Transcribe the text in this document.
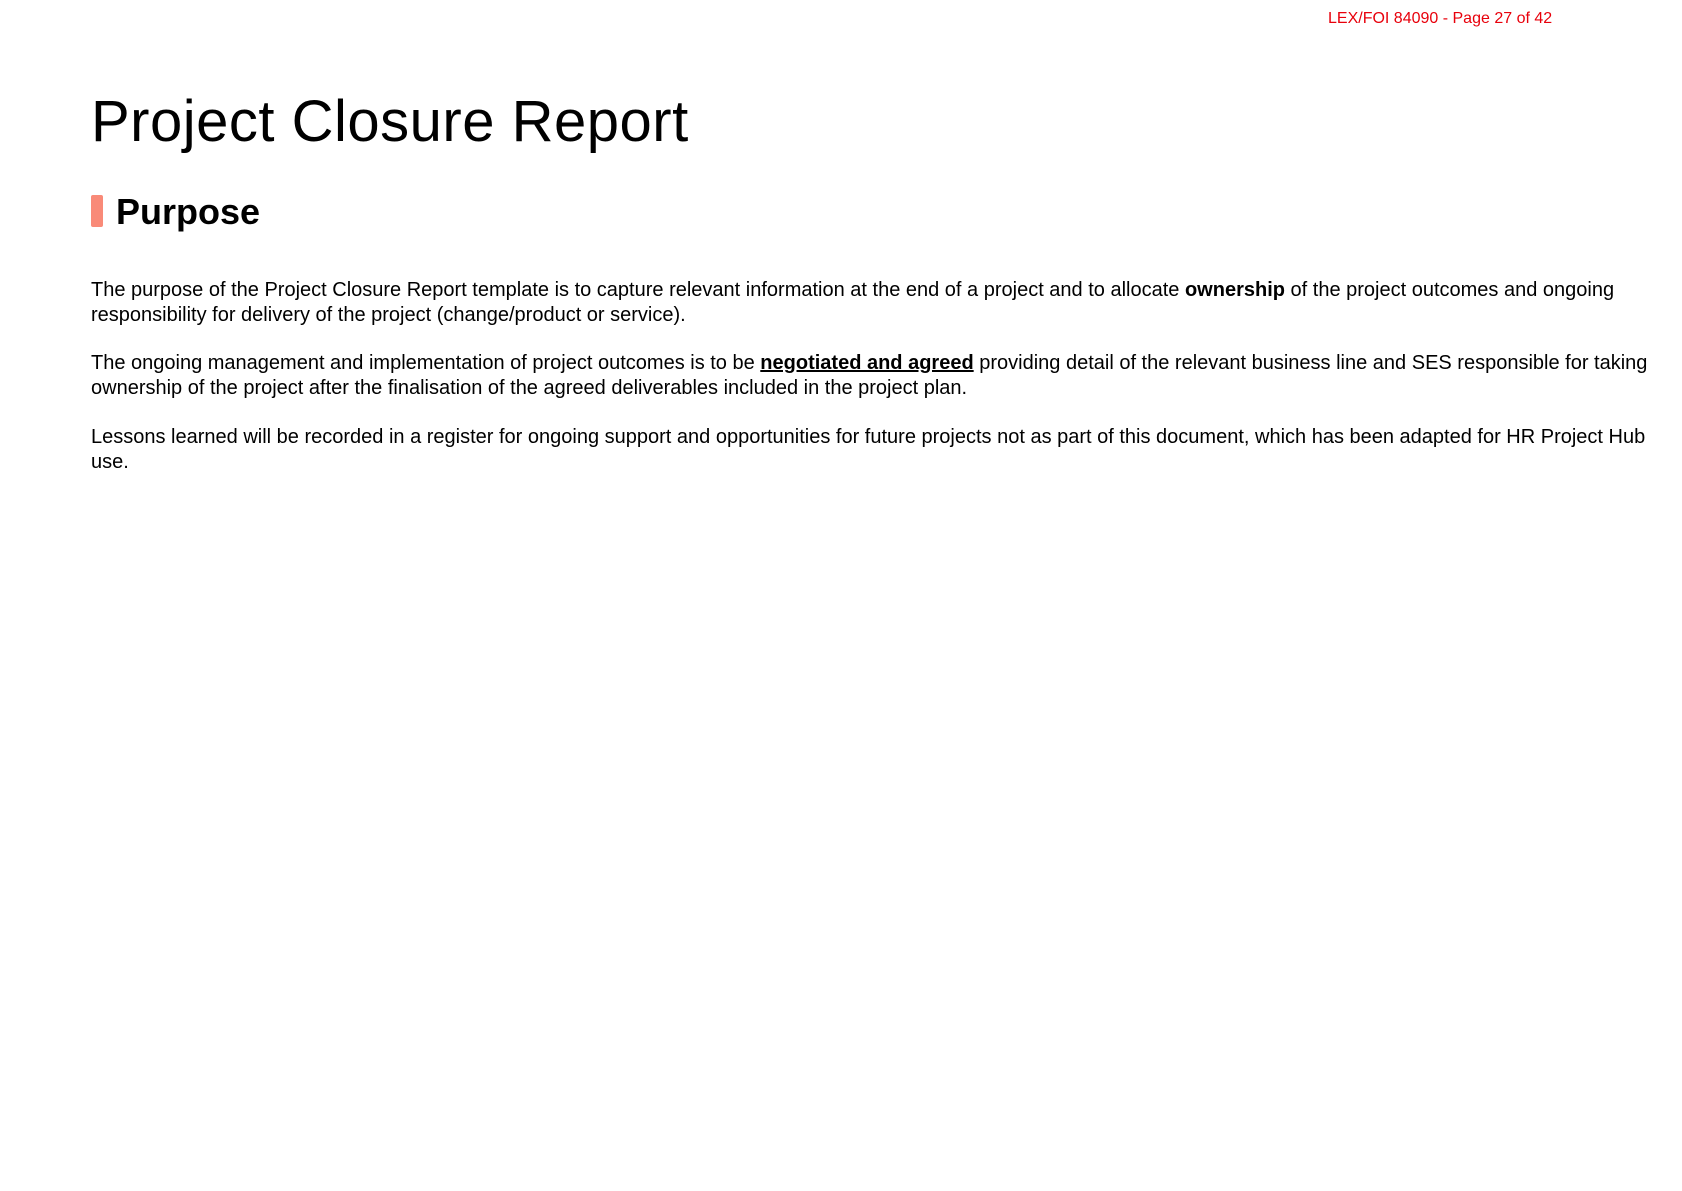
LEX/FOI 84090 - Page 27 of 42
Project Closure Report
Purpose

The purpose of the Project Closure Report template is to capture relevant information at the end of a project and to allocate ownership of the project outcomes and ongoing responsibility for delivery of the project (change/product or service).

The ongoing management and implementation of project outcomes is to be negotiated and agreed providing detail of the relevant business line and SES responsible for taking ownership of the project after the finalisation of the agreed deliverables included in the project plan.

Lessons learned will be recorded in a register for ongoing support and opportunities for future projects not as part of this document, which has been adapted for HR Project Hub use.
